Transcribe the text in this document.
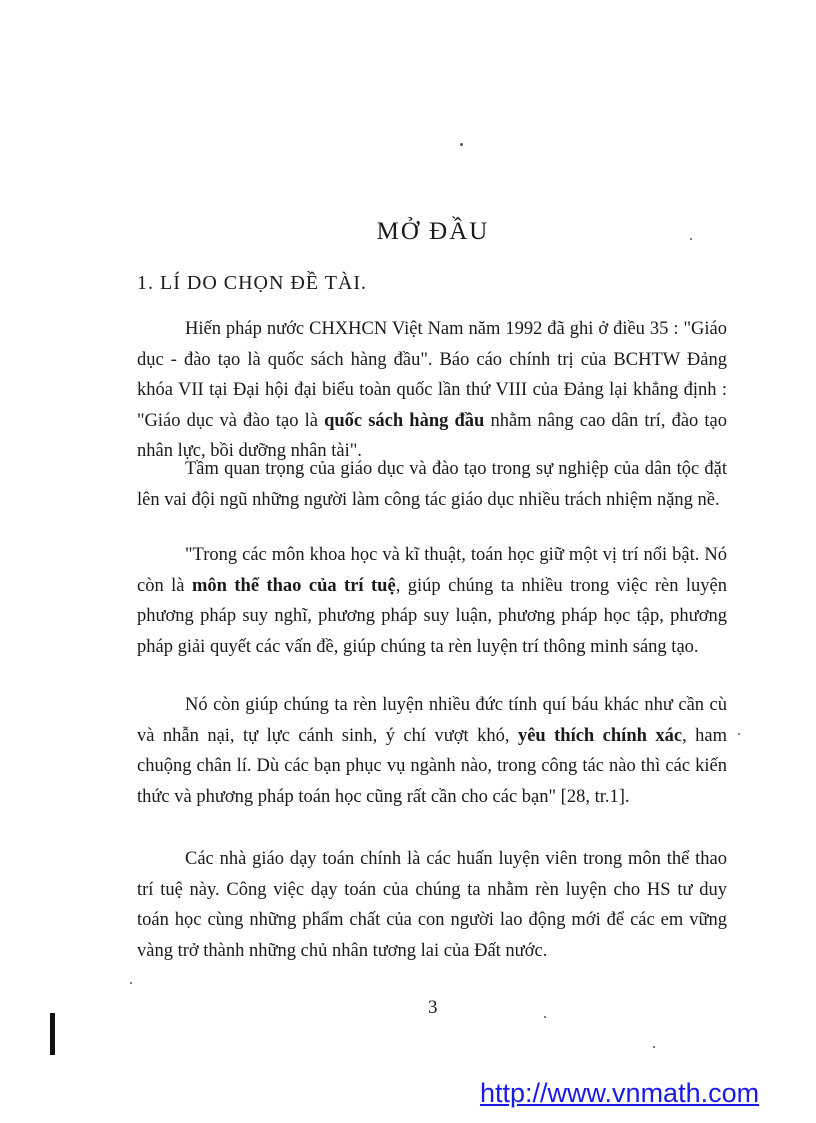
MỞ ĐẦU
1. LÍ DO CHỌN ĐỀ TÀI.

Hiến pháp nước CHXHCN Việt Nam năm 1992 đã ghi ở điều 35 : "Giáo dục - đào tạo là quốc sách hàng đầu". Báo cáo chính trị của BCHTW Đảng khóa VII tại Đại hội đại biểu toàn quốc lần thứ VIII của Đảng lại khẳng định : "Giáo dục và đào tạo là quốc sách hàng đầu nhằm nâng cao dân trí, đào tạo nhân lực, bồi dưỡng nhân tài".

Tầm quan trọng của giáo dục và đào tạo trong sự nghiệp của dân tộc đặt lên vai đội ngũ những người làm công tác giáo dục nhiều trách nhiệm nặng nề.

"Trong các môn khoa học và kĩ thuật, toán học giữ một vị trí nổi bật. Nó còn là môn thể thao của trí tuệ, giúp chúng ta nhiều trong việc rèn luyện phương pháp suy nghĩ, phương pháp suy luận, phương pháp học tập, phương pháp giải quyết các vấn đề, giúp chúng ta rèn luyện trí thông minh sáng tạo.

Nó còn giúp chúng ta rèn luyện nhiều đức tính quí báu khác như cần cù và nhẫn nại, tự lực cánh sinh, ý chí vượt khó, yêu thích chính xác, ham chuộng chân lí. Dù các bạn phục vụ ngành nào, trong công tác nào thì các kiến thức và phương pháp toán học cũng rất cần cho các bạn" [28, tr.1].

Các nhà giáo dạy toán chính là các huấn luyện viên trong môn thể thao trí tuệ này. Công việc dạy toán của chúng ta nhằm rèn luyện cho HS tư duy toán học cùng những phẩm chất của con người lao động mới để các em vững vàng trở thành những chủ nhân tương lai của Đất nước.

3
http://www.vnmath.com
